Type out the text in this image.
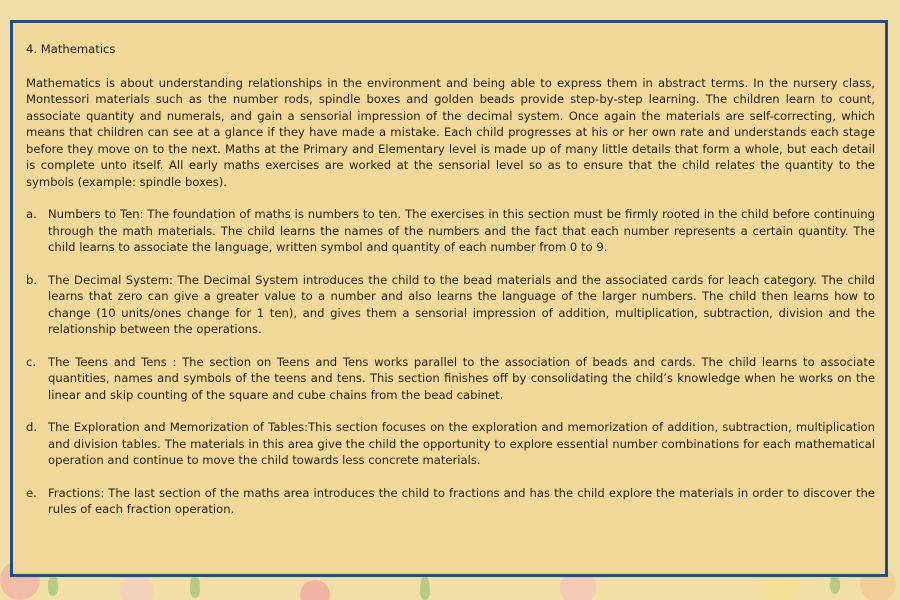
4. Mathematics

Mathematics is about understanding relationships in the environment and being able to express them in abstract terms. In the nursery class, Montessori materials such as the number rods, spindle boxes and golden beads provide step-by-step learning. The children learn to count, associate quantity and numerals, and gain a sensorial impression of the decimal system. Once again the materials are self-correcting, which means that children can see at a glance if they have made a mistake. Each child progresses at his or her own rate and understands each stage before they move on to the next. Maths at the Primary and Elementary level is made up of many little details that form a whole, but each detail is complete unto itself. All early maths exercises are worked at the sensorial level so as to ensure that the child relates the quantity to the symbols (example: spindle boxes).

a. Numbers to Ten: The foundation of maths is numbers to ten. The exercises in this section must be firmly rooted in the child before continuing through the math materials. The child learns the names of the numbers and the fact that each number represents a certain quantity. The child learns to associate the language, written symbol and quantity of each number from 0 to 9.

b. The Decimal System: The Decimal System introduces the child to the bead materials and the associated cards for leach category. The child learns that zero can give a greater value to a number and also learns the language of the larger numbers. The child then learns how to change (10 units/ones change for 1 ten), and gives them a sensorial impression of addition, multiplication, subtraction, division and the relationship between the operations.

c. The Teens and Tens : The section on Teens and Tens works parallel to the association of beads and cards. The child learns to associate quantities, names and symbols of the teens and tens. This section finishes off by consolidating the child’s knowledge when he works on the linear and skip counting of the square and cube chains from the bead cabinet.

d. The Exploration and Memorization of Tables:This section focuses on the exploration and memorization of addition, subtraction, multiplication and division tables. The materials in this area give the child the opportunity to explore essential number combinations for each mathematical operation and continue to move the child towards less concrete materials.

e. Fractions: The last section of the maths area introduces the child to fractions and has the child explore the materials in order to discover the rules of each fraction operation.
